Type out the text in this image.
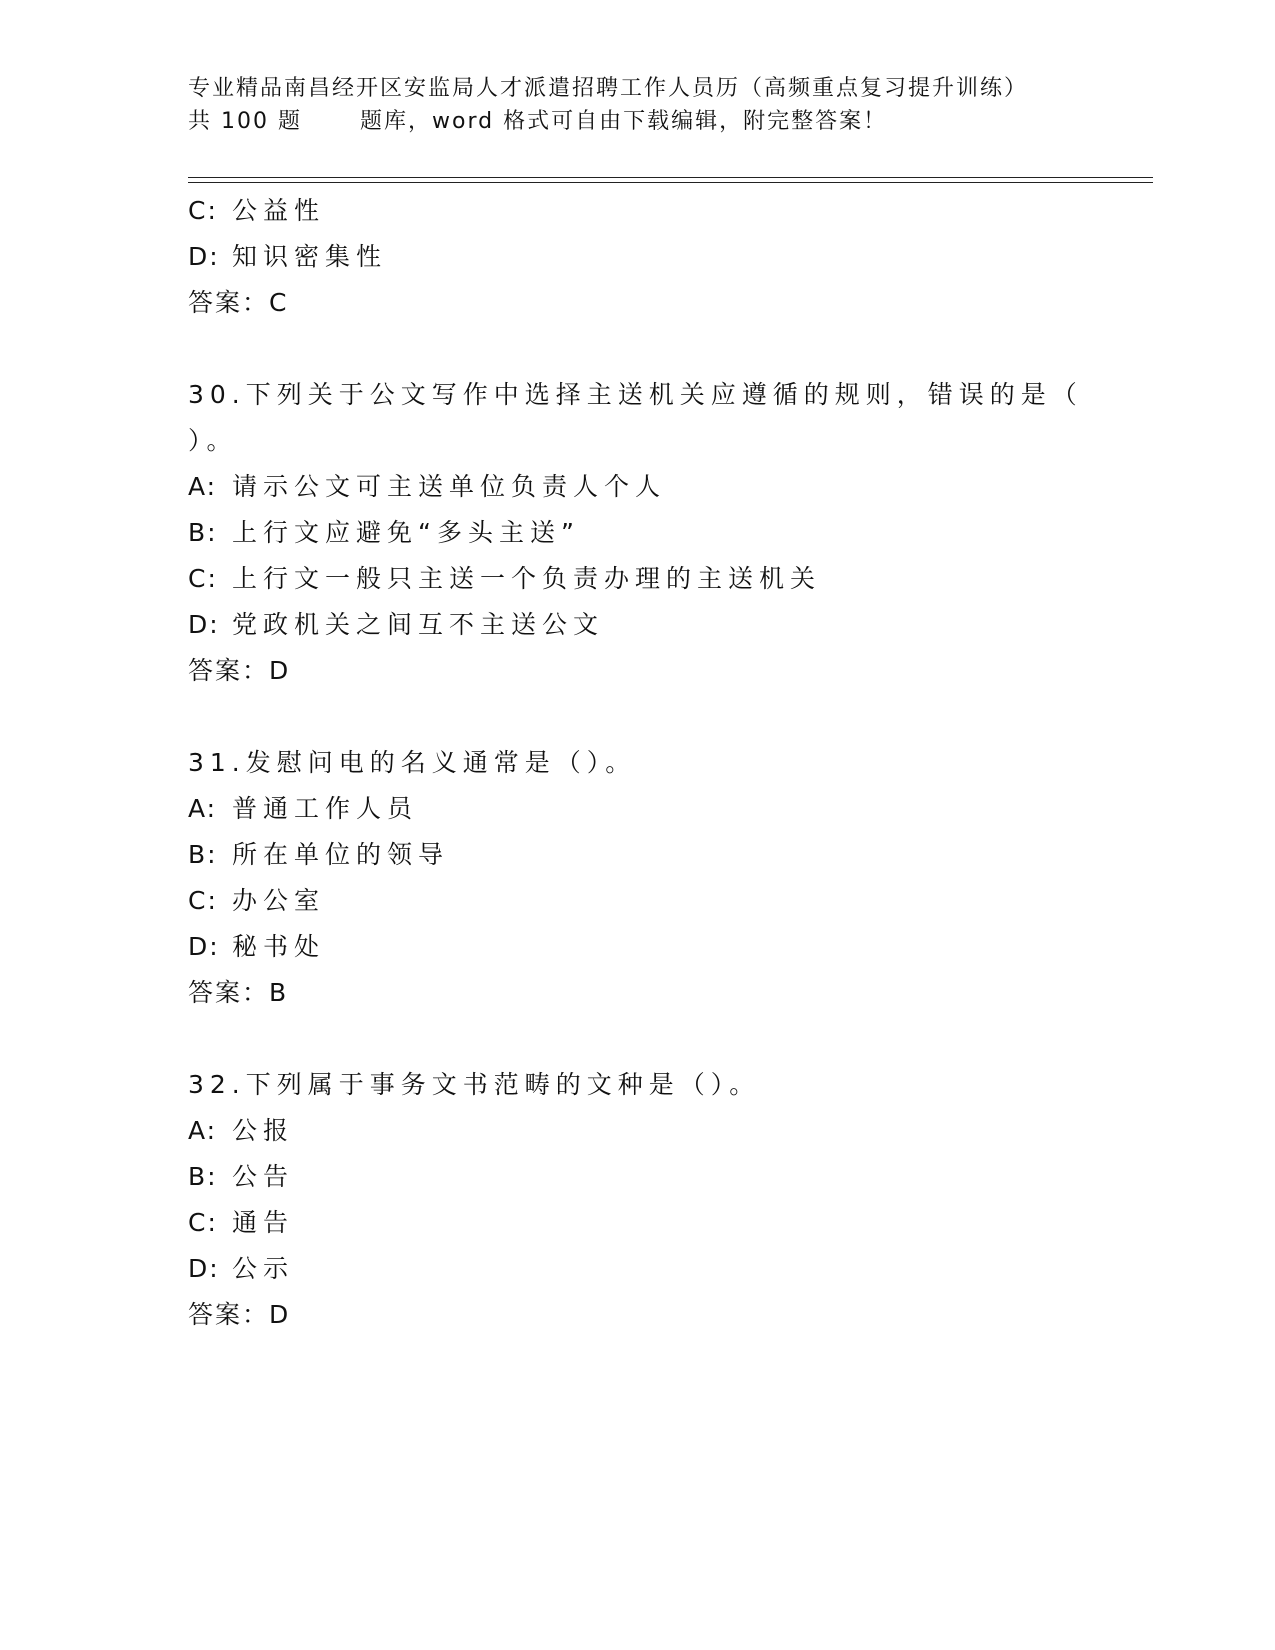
专业精品南昌经开区安监局人才派遣招聘工作人员历（高频重点复习提升训练）
共 100 题	题库，word 格式可自由下载编辑，附完整答案！
C: 公益性
D: 知识密集性
答案：C
30.下列关于公文写作中选择主送机关应遵循的规则，错误的是（
）。
A: 请示公文可主送单位负责人个人
B: 上行文应避免“多头主送”
C: 上行文一般只主送一个负责办理的主送机关
D: 党政机关之间互不主送公文
答案：D
31.发慰问电的名义通常是（）。
A: 普通工作人员
B: 所在单位的领导
C: 办公室
D: 秘书处
答案：B
32.下列属于事务文书范畴的文种是（）。
A: 公报
B: 公告
C: 通告
D: 公示
答案：D
